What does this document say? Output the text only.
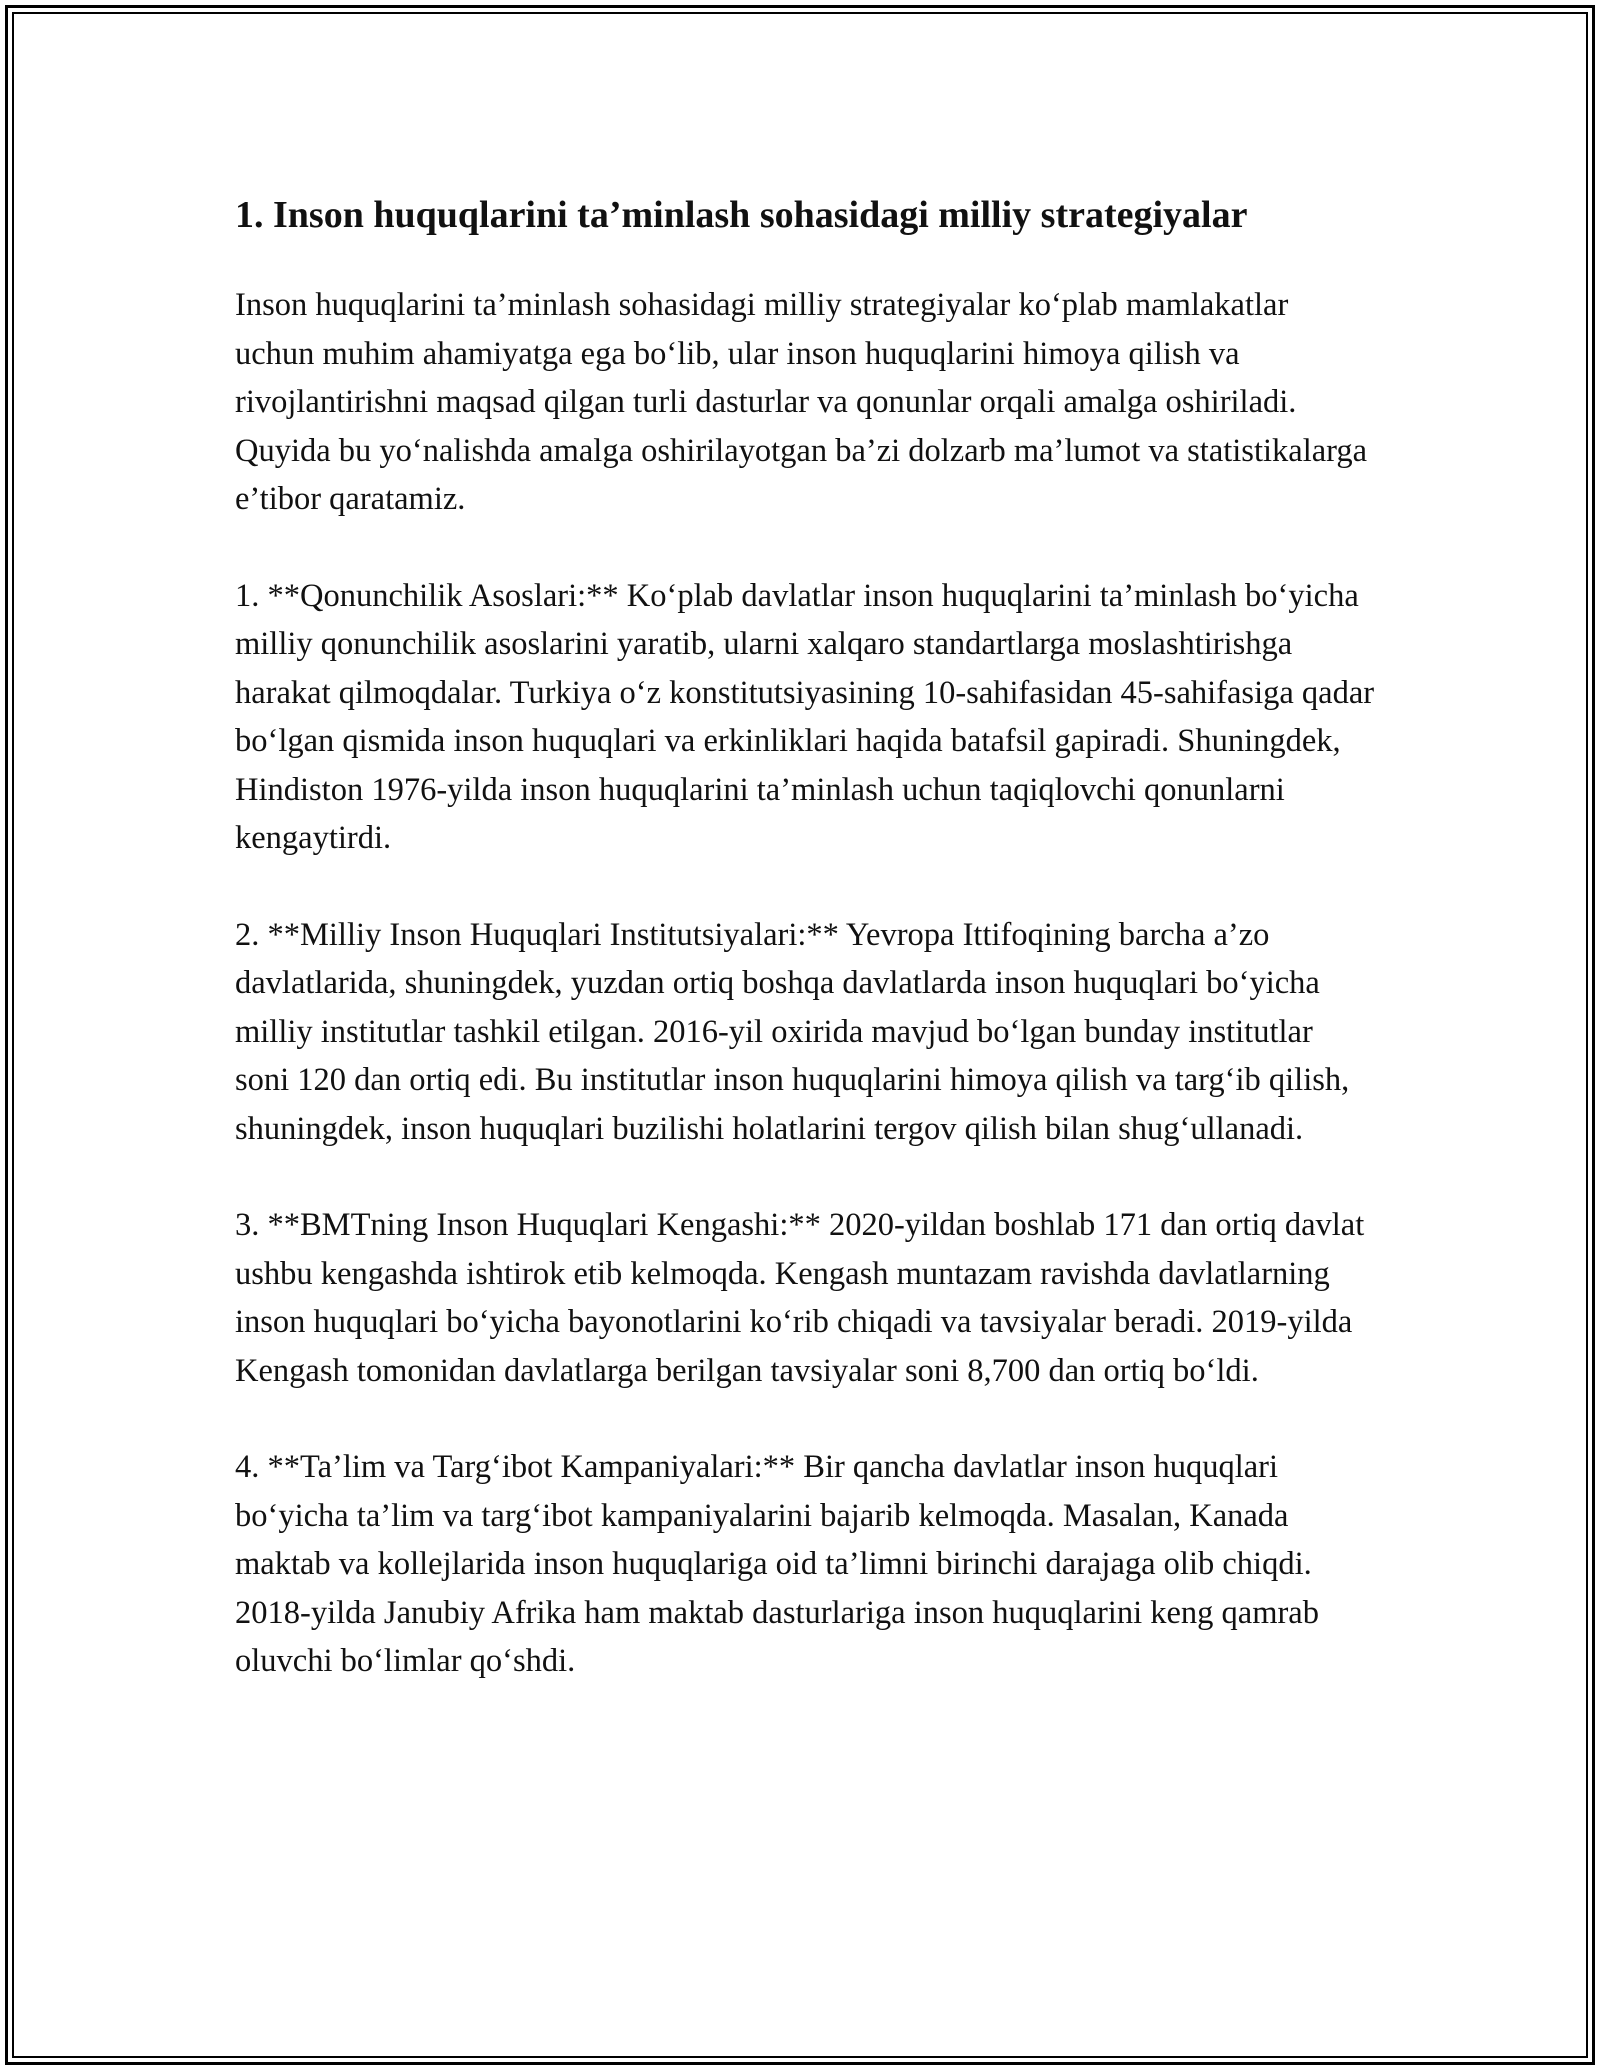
1. Inson huquqlarini ta’minlash sohasidagi milliy strategiyalar

Inson huquqlarini ta’minlash sohasidagi milliy strategiyalar ko‘plab mamlakatlar uchun muhim ahamiyatga ega bo‘lib, ular inson huquqlarini himoya qilish va rivojlantirishni maqsad qilgan turli dasturlar va qonunlar orqali amalga oshiriladi. Quyida bu yo‘nalishda amalga oshirilayotgan ba’zi dolzarb ma’lumot va statistikalarga e’tibor qaratamiz.

1. **Qonunchilik Asoslari:** Ko‘plab davlatlar inson huquqlarini ta’minlash bo‘yicha milliy qonunchilik asoslarini yaratib, ularni xalqaro standartlarga moslashtirishga harakat qilmoqdalar. Turkiya o‘z konstitutsiyasining 10-sahifasidan 45-sahifasiga qadar bo‘lgan qismida inson huquqlari va erkinliklari haqida batafsil gapiradi. Shuningdek, Hindiston 1976-yilda inson huquqlarini ta’minlash uchun taqiqlovchi qonunlarni kengaytirdi.

2. **Milliy Inson Huquqlari Institutsiyalari:** Yevropa Ittifoqining barcha a’zo davlatlarida, shuningdek, yuzdan ortiq boshqa davlatlarda inson huquqlari bo‘yicha milliy institutlar tashkil etilgan. 2016-yil oxirida mavjud bo‘lgan bunday institutlar soni 120 dan ortiq edi. Bu institutlar inson huquqlarini himoya qilish va targ‘ib qilish, shuningdek, inson huquqlari buzilishi holatlarini tergov qilish bilan shug‘ullanadi.

3. **BMTning Inson Huquqlari Kengashi:** 2020-yildan boshlab 171 dan ortiq davlat ushbu kengashda ishtirok etib kelmoqda. Kengash muntazam ravishda davlatlarning inson huquqlari bo‘yicha bayonotlarini ko‘rib chiqadi va tavsiyalar beradi. 2019-yilda Kengash tomonidan davlatlarga berilgan tavsiyalar soni 8,700 dan ortiq bo‘ldi.

4. **Ta’lim va Targ‘ibot Kampaniyalari:** Bir qancha davlatlar inson huquqlari bo‘yicha ta’lim va targ‘ibot kampaniyalarini bajarib kelmoqda. Masalan, Kanada maktab va kollejlarida inson huquqlariga oid ta’limni birinchi darajaga olib chiqdi. 2018-yilda Janubiy Afrika ham maktab dasturlariga inson huquqlarini keng qamrab oluvchi bo‘limlar qo‘shdi.
